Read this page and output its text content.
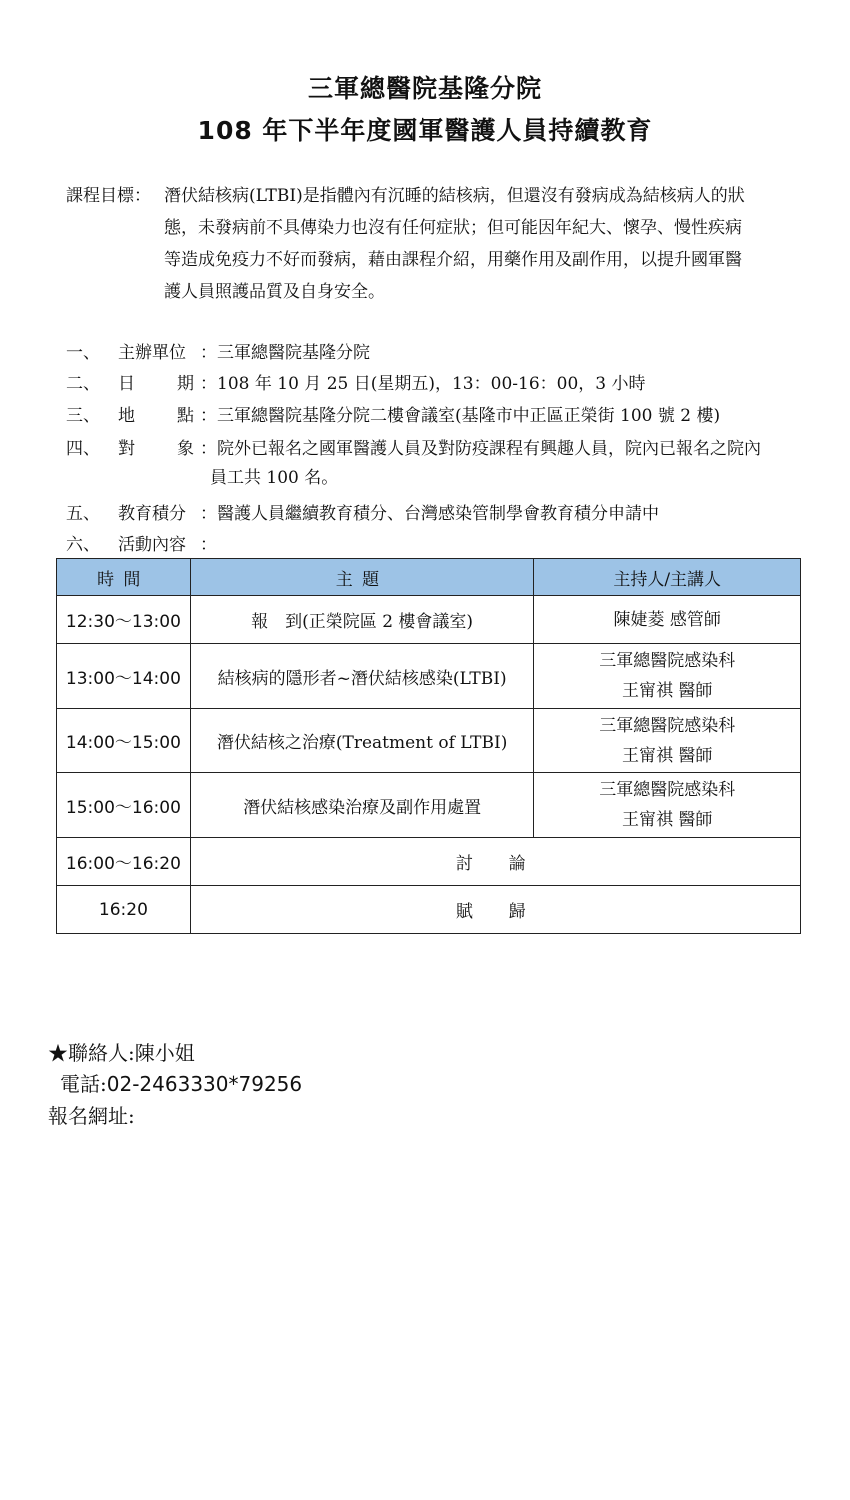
三軍總醫院基隆分院
108 年下半年度國軍醫護人員持續教育
課程目標： 潛伏結核病(LTBI)是指體內有沉睡的結核病，但還沒有發病成為結核病人的狀
態，未發病前不具傳染力也沒有任何症狀；但可能因年紀大、懷孕、慢性疾病
等造成免疫力不好而發病，藉由課程介紹，用藥作用及副作用，以提升國軍醫
護人員照護品質及自身安全。
一、	主辦單位 ：三軍總醫院基隆分院
二、	日 期 ：108 年 10 月 25 日(星期五)，13：00-16：00，3 小時
三、	地 點 ：三軍總醫院基隆分院二樓會議室(基隆市中正區正榮街 100 號 2 樓)
四、	對 象 ：院外已報名之國軍醫護人員及對防疫課程有興趣人員，院內已報名之院內
員工共 100 名。
五、	教育積分 ：醫護人員繼續教育積分、台灣感染管制學會教育積分申請中
六、	活動內容 ：
時間	主題	主持人/主講人
12:30～13:00	報　到(正榮院區 2 樓會議室)	陳婕菱 感管師

13:00～14:00	結核病的隱形者~潛伏結核感染(LTBI)	三軍總醫院感染科
王甯祺 醫師

14:00～15:00	潛伏結核之治療(Treatment of LTBI)	三軍總醫院感染科
王甯祺 醫師

15:00～16:00	潛伏結核感染治療及副作用處置	三軍總醫院感染科
王甯祺 醫師

16:00～16:20	討　論	
16:20	賦　歸	
★聯絡人:陳小姐
電話:02-2463330*79256
報名網址:
